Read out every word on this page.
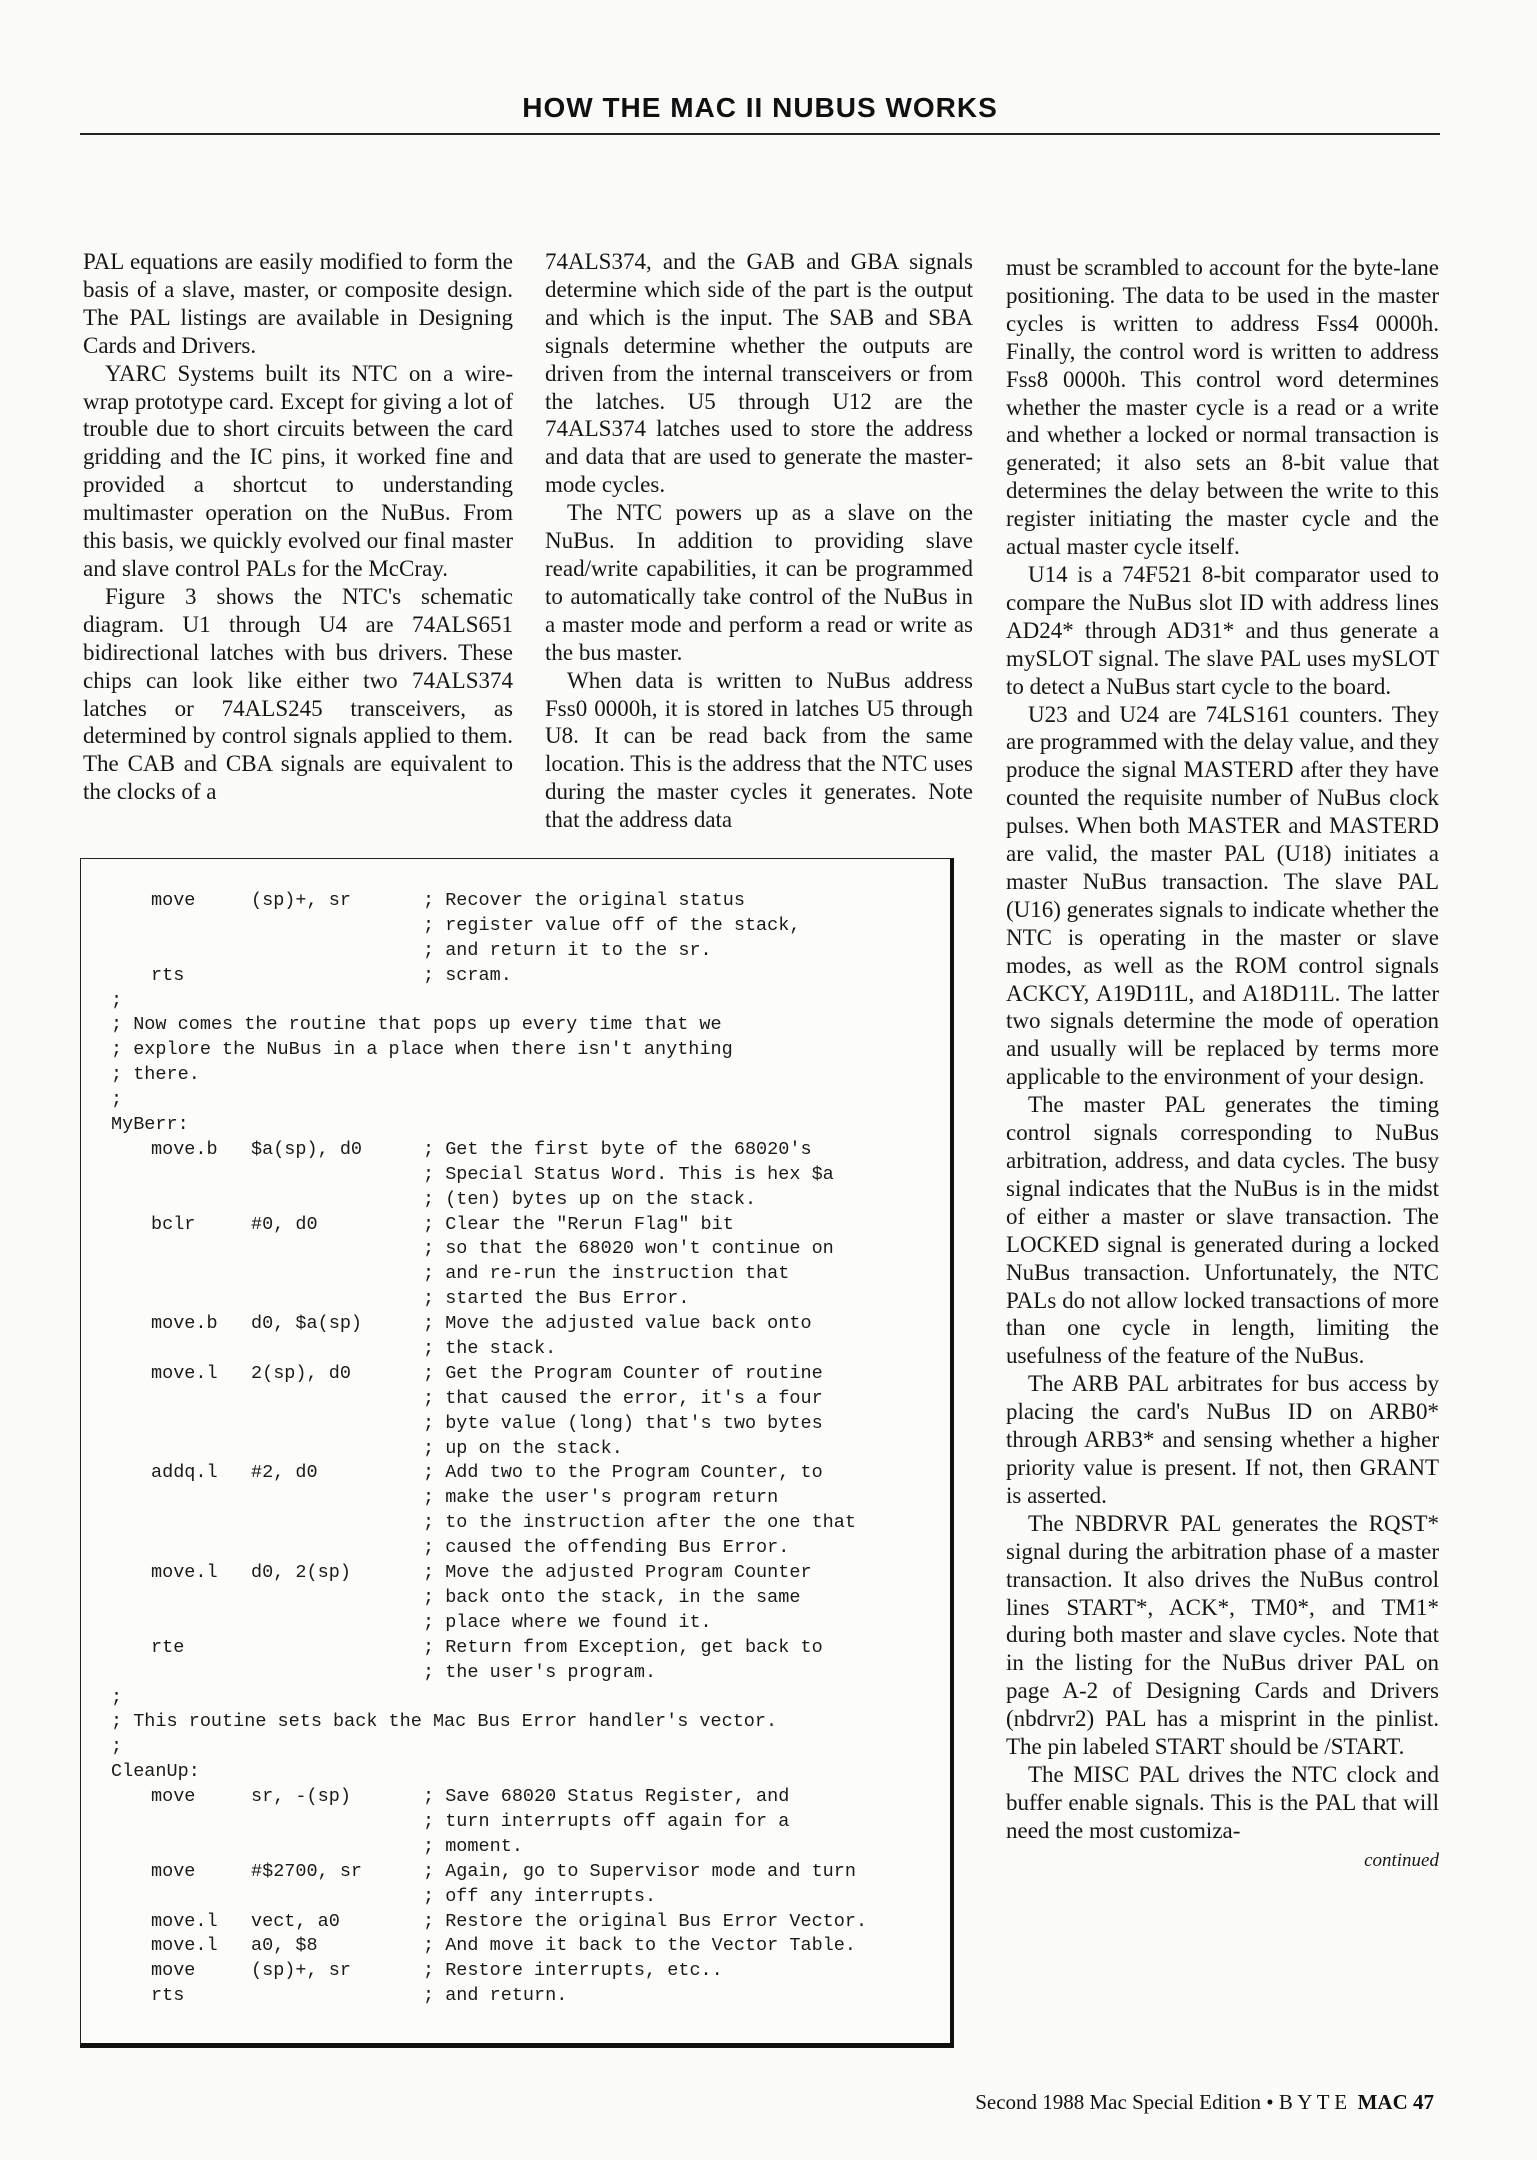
HOW THE MAC II NUBUS WORKS

PAL equations are easily modified to form the basis of a slave, master, or composite design. The PAL listings are available in Designing Cards and Drivers.

YARC Systems built its NTC on a wire-wrap prototype card. Except for giving a lot of trouble due to short circuits between the card gridding and the IC pins, it worked fine and provided a shortcut to understanding multimaster operation on the NuBus. From this basis, we quickly evolved our final master and slave control PALs for the McCray.

Figure 3 shows the NTC's schematic diagram. U1 through U4 are 74ALS651 bidirectional latches with bus drivers. These chips can look like either two 74ALS374 latches or 74ALS245 transceivers, as determined by control signals applied to them. The CAB and CBA signals are equivalent to the clocks of a

74ALS374, and the GAB and GBA signals determine which side of the part is the output and which is the input. The SAB and SBA signals determine whether the outputs are driven from the internal transceivers or from the latches. U5 through U12 are the 74ALS374 latches used to store the address and data that are used to generate the master-mode cycles.

The NTC powers up as a slave on the NuBus. In addition to providing slave read/write capabilities, it can be programmed to automatically take control of the NuBus in a master mode and perform a read or write as the bus master.

When data is written to NuBus address Fss0 0000h, it is stored in latches U5 through U8. It can be read back from the same location. This is the address that the NTC uses during the master cycles it generates. Note that the address data

must be scrambled to account for the byte-lane positioning. The data to be used in the master cycles is written to address Fss4 0000h. Finally, the control word is written to address Fss8 0000h. This control word determines whether the master cycle is a read or a write and whether a locked or normal transaction is generated; it also sets an 8-bit value that determines the delay between the write to this register initiating the master cycle and the actual master cycle itself.

U14 is a 74F521 8-bit comparator used to compare the NuBus slot ID with address lines AD24* through AD31* and thus generate a mySLOT signal. The slave PAL uses mySLOT to detect a NuBus start cycle to the board.

U23 and U24 are 74LS161 counters. They are programmed with the delay value, and they produce the signal MASTERD after they have counted the requisite number of NuBus clock pulses. When both MASTER and MASTERD are valid, the master PAL (U18) initiates a master NuBus transaction. The slave PAL (U16) generates signals to indicate whether the NTC is operating in the master or slave modes, as well as the ROM control signals ACKCY, A19D11L, and A18D11L. The latter two signals determine the mode of operation and usually will be replaced by terms more applicable to the environment of your design.

The master PAL generates the timing control signals corresponding to NuBus arbitration, address, and data cycles. The busy signal indicates that the NuBus is in the midst of either a master or slave transaction. The LOCKED signal is generated during a locked NuBus transaction. Unfortunately, the NTC PALs do not allow locked transactions of more than one cycle in length, limiting the usefulness of the feature of the NuBus.

The ARB PAL arbitrates for bus access by placing the card's NuBus ID on ARB0* through ARB3* and sensing whether a higher priority value is present. If not, then GRANT is asserted.

The NBDRVR PAL generates the RQST* signal during the arbitration phase of a master transaction. It also drives the NuBus control lines START*, ACK*, TM0*, and TM1* during both master and slave cycles. Note that in the listing for the NuBus driver PAL on page A-2 of Designing Cards and Drivers (nbdrvr2) PAL has a misprint in the pinlist. The pin labeled START should be /START.

The MISC PAL drives the NTC clock and buffer enable signals. This is the PAL that will need the most customiza-

continued
move	(sp)+, sr	; Recover the original status
; register value off of the stack,
; and return it to the sr.
rts	; scram.
;
; Now comes the routine that pops up every time that we
; explore the NuBus in a place when there isn't anything
; there.
;
MyBerr:
move.b $a(sp), d0	; Get the first byte of the 68020's
; Special Status Word. This is hex $a
; (ten) bytes up on the stack.
bclr	#0, d0	; Clear the "Rerun Flag" bit
; so that the 68020 won't continue on
; and re-run the instruction that
; started the Bus Error.
move.b d0, $a(sp)	; Move the adjusted value back onto
; the stack.
move.l 2(sp), d0	; Get the Program Counter of routine
; that caused the error, it's a four
; byte value (long) that's two bytes
; up on the stack.
addq.l #2, d0	; Add two to the Program Counter, to
; make the user's program return
; to the instruction after the one that
; caused the offending Bus Error.
move.l d0, 2(sp)	; Move the adjusted Program Counter
; back onto the stack, in the same
; place where we found it.
rte	; Return from Exception, get back to
; the user's program.
;
; This routine sets back the Mac Bus Error handler's vector.
;
CleanUp:
move	sr, -(sp)	; Save 68020 Status Register, and
; turn interrupts off again for a
; moment.
move	#$2700, sr	; Again, go to Supervisor mode and turn
; off any interrupts.
move.l vect, a0	; Restore the original Bus Error Vector.
move.l a0, $8	; And move it back to the Vector Table.
move	(sp)+, sr	; Restore interrupts, etc..
rts	; and return.
Second 1988 Mac Special Edition • B Y T E MAC 47
